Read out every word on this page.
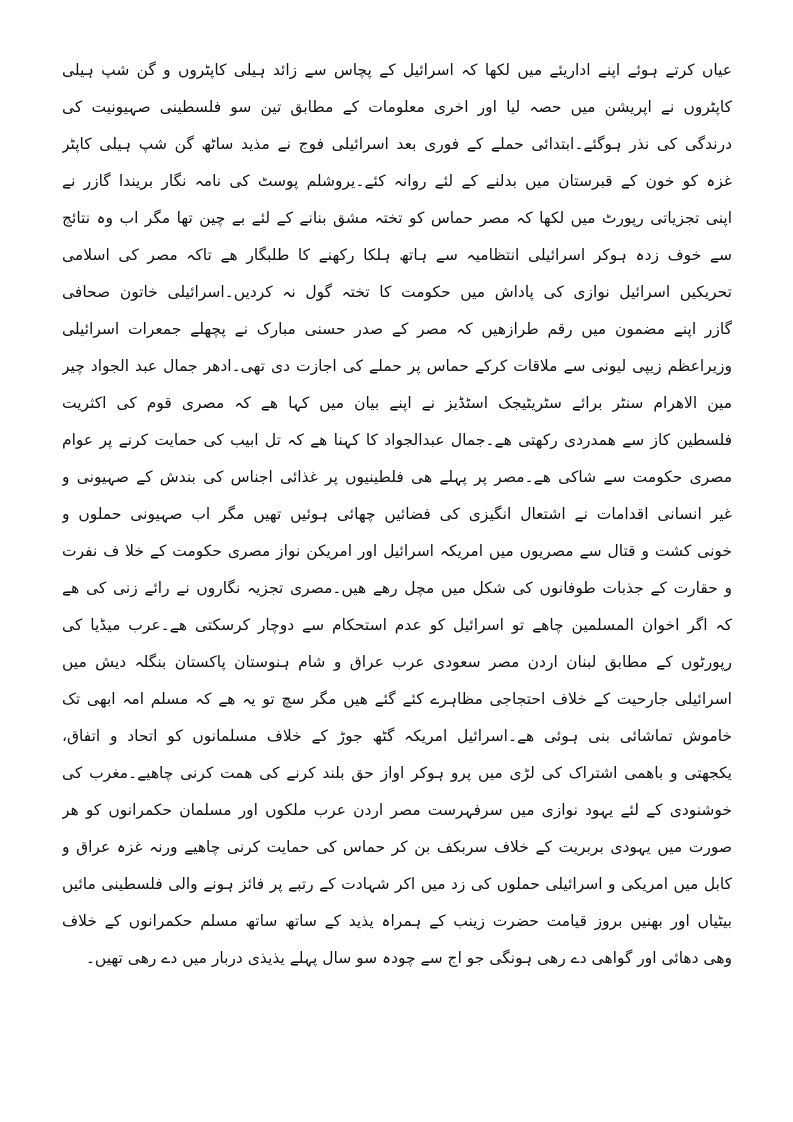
عیاں کرتے ہوئے اپنے اداریئے میں لکھا کہ اسرائیل کے پچاس سے زائد ہیلی کاپٹروں و گن شپ ہیلی
کاپٹروں نے اپریشن میں حصہ لیا اور اخری معلومات کے مطابق تین سو فلسطینی صہیونیت کی
درندگی کی نذر ہوگئے۔ابتدائی حملے کے فوری بعد اسرائیلی فوج نے مذید ساٹھ گن شپ ہیلی کاپٹر
غزہ کو خون کے قبرستان میں بدلنے کے لئے روانہ کئے۔یروشلم پوسٹ کی نامہ نگار بریندا گازر نے
اپنی تجزیاتی رپورٹ میں لکھا کہ مصر حماس کو تختہ مشق بنانے کے لئے بے چین تھا مگر اب وہ نتائج
سے خوف زدہ ہوکر اسرائیلی انتظامیہ سے ہاتھ ہلکا رکھنے کا طلبگار ھے تاکہ مصر کی اسلامی
تحریکیں اسرائیل نوازی کی پاداش میں حکومت کا تختہ گول نہ کردیں۔اسرائیلی خاتون صحافی
گازر اپنے مضمون میں رقم طرازھیں کہ مصر کے صدر حسنی مبارک نے پچھلے جمعرات اسرائیلی
وزیراعظم زیپی لیونی سے ملاقات کرکے حماس پر حملے کی اجازت دی تھی۔ادھر جمال عبد الجواد چیر
مین الاھرام سنٹر برائے سٹریٹیجک اسٹڈیز نے اپنے بیان میں کہا ھے کہ مصری قوم کی اکثریت
فلسطین کاز سے ھمدردی رکھتی ھے۔جمال عبدالجواد کا کہنا ھے کہ تل ابیب کی حمایت کرنے پر عوام
مصری حکومت سے شاکی ھے۔مصر پر پہلے ھی فلطینیوں پر غذائی اجناس کی بندش کے صہیونی و
غیر انسانی اقدامات نے اشتعال انگیزی کی فضائیں چھائی ہوئیں تھیں مگر اب صہیونی حملوں و
خونی کشت و قتال سے مصریوں میں امریکہ اسرائیل اور امریکن نواز مصری حکومت کے خلا ف نفرت
و حقارت کے جذبات طوفانوں کی شکل میں مچل رھے ھیں۔مصری تجزیہ نگاروں نے رائے زنی کی ھے
کہ اگر اخوان المسلمین چاھے تو اسرائیل کو عدم استحکام سے دوچار کرسکتی ھے۔عرب میڈیا کی
رپورٹوں کے مطابق لبنان اردن مصر سعودی عرب عراق و شام ہنوستان پاکستان بنگلہ دیش میں
اسرائیلی جارحیت کے خلاف احتجاجی مظاہرے کئے گئے ھیں مگر سچ تو یہ ھے کہ مسلم امہ ابھی تک
خاموش تماشائی بنی ہوئی ھے۔اسرائیل امریکہ گٹھ جوڑ کے خلاف مسلمانوں کو اتحاد و اتفاق،
یکجھتی و باھمی اشتراک کی لڑی میں پرو ہوکر اواز حق بلند کرنے کی ھمت کرنی چاھیے۔مغرب کی
خوشنودی کے لئے یہود نوازی میں سرفہرست مصر اردن عرب ملکوں اور مسلمان حکمرانوں کو ھر
صورت میں یہودی بربریت کے خلاف سربکف بن کر حماس کی حمایت کرنی چاھیے ورنہ غزہ عراق و
کابل میں امریکی و اسرائیلی حملوں کی زد میں اکر شہادت کے رتبے پر فائز ہونے والی فلسطینی مائیں
بیٹیاں اور بھنیں بروز قیامت حضرت زینب کے ہمراہ یذید کے ساتھ ساتھ مسلم حکمرانوں کے خلاف
وھی دھائی اور گواھی دے رھی ہونگی جو اج سے چودہ سو سال پہلے یذیذی دربار میں دے رھی تھیں۔
